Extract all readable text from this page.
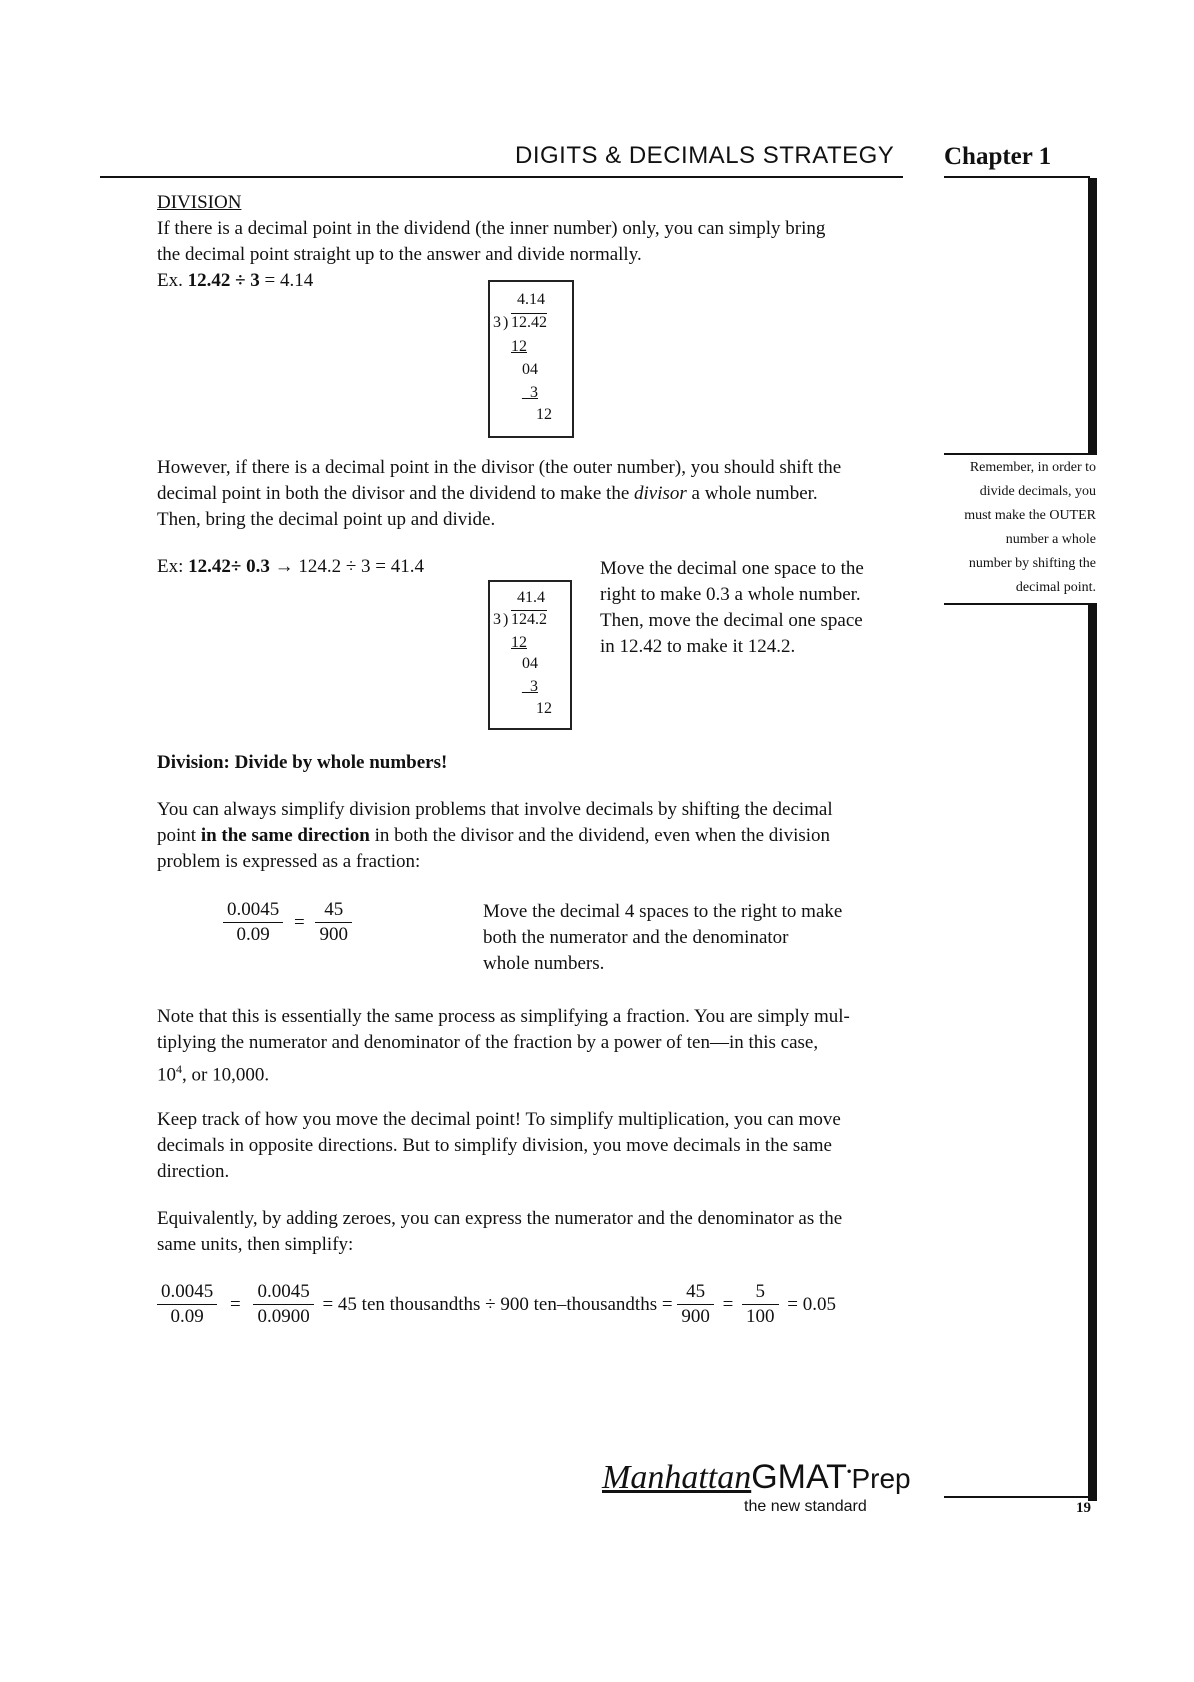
DIGITS & DECIMALS STRATEGY Chapter 1
DIVISION
If there is a decimal point in the dividend (the inner number) only, you can simply bring
the decimal point straight up to the answer and divide normally.
Ex. 12.42 ÷ 3 = 4.14
4.14
3 ) 12.42
12
04
_3
12
However, if there is a decimal point in the divisor (the outer number), you should shift the
decimal point in both the divisor and the dividend to make the divisor a whole number.
Then, bring the decimal point up and divide.
Ex: 12.42÷ 0.3 → 124.2 ÷ 3 = 41.4
41.4
3 ) 124.2
12
04
_3
12
Move the decimal one space to the
right to make 0.3 a whole number.
Then, move the decimal one space
in 12.42 to make it 124.2.
Remember, in order to
divide decimals, you
must make the OUTER
number a whole
number by shifting the
decimal point.
Division: Divide by whole numbers!
You can always simplify division problems that involve decimals by shifting the decimal
point in the same direction in both the divisor and the dividend, even when the division
problem is expressed as a fraction:
$\frac{0.0045}{0.09} = \frac{45}{900}$	Move the decimal 4 spaces to the right to make
both the numerator and the denominator
whole numbers.
Note that this is essentially the same process as simplifying a fraction. You are simply mul-
tiplying the numerator and denominator of the fraction by a power of ten—in this case,
$10^4$, or 10,000.
Keep track of how you move the decimal point! To simplify multiplication, you can move
decimals in opposite directions. But to simplify division, you move decimals in the same
direction.
Equivalently, by adding zeroes, you can express the numerator and the denominator as the
same units, then simplify:
$\frac{0.0045}{0.09} = \frac{0.0045}{0.0900} = 45$ ten thousandths ÷ 900 ten–thousandths = $\frac{45}{900} = \frac{5}{100} = 0.05$
ManhattanGMAT•Prep
the new standard	19
